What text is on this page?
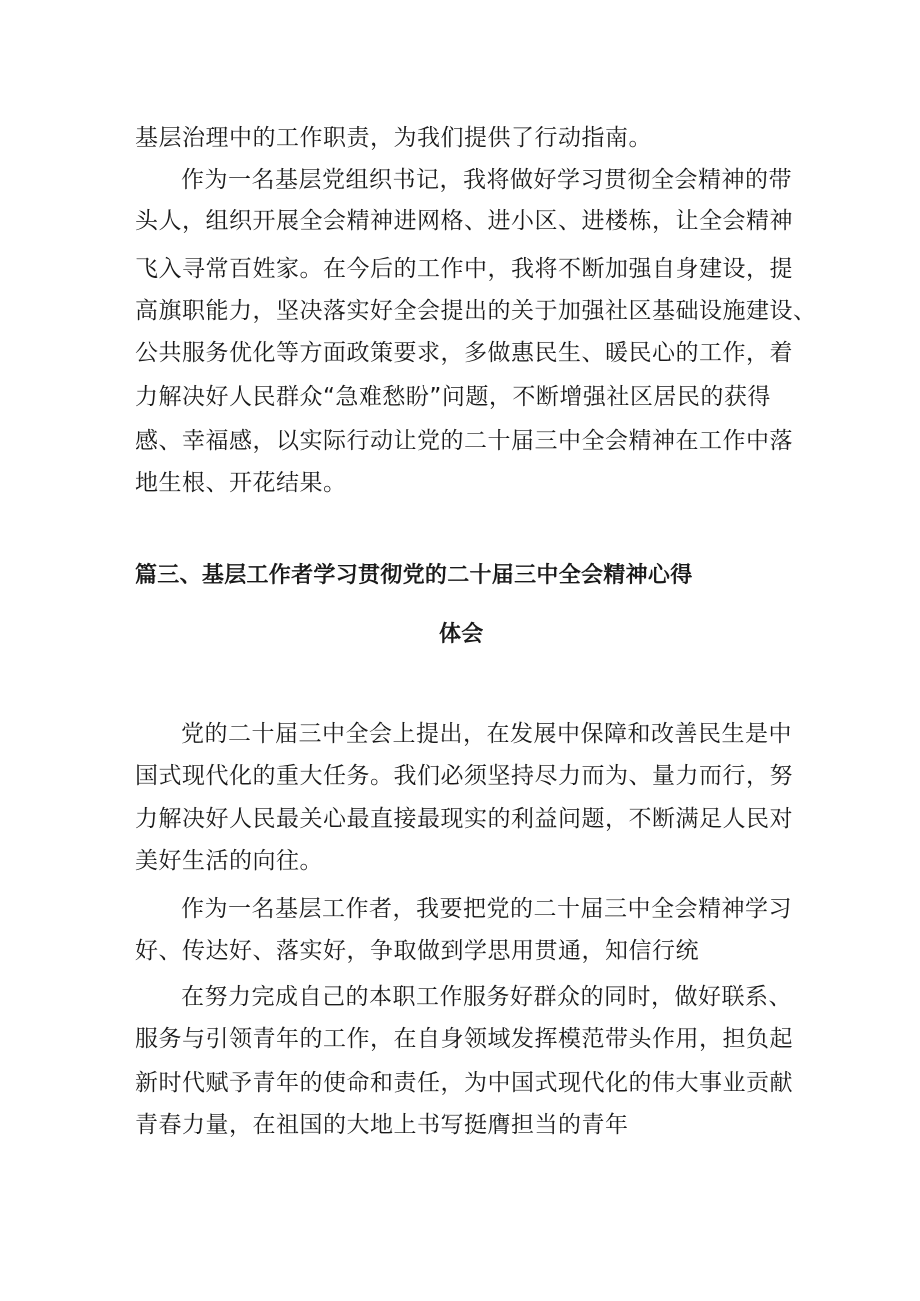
基层治理中的工作职责，为我们提供了行动指南。
作为一名基层党组织书记，我将做好学习贯彻全会精神的带
头人，组织开展全会精神进网格、进小区、进楼栋，让全会精神
飞入寻常百姓家。在今后的工作中，我将不断加强自身建设，提
高旗职能力，坚决落实好全会提出的关于加强社区基础设施建设、
公共服务优化等方面政策要求，多做惠民生、暖民心的工作，着
力解决好人民群众“急难愁盼”问题，不断增强社区居民的获得
感、幸福感，以实际行动让党的二十届三中全会精神在工作中落
地生根、开花结果。
篇三、基层工作者学习贯彻党的二十届三中全会精神心得
体会
党的二十届三中全会上提出，在发展中保障和改善民生是中
国式现代化的重大任务。我们必须坚持尽力而为、量力而行，努
力解决好人民最关心最直接最现实的利益问题，不断满足人民对
美好生活的向往。
作为一名基层工作者，我要把党的二十届三中全会精神学习
好、传达好、落实好，争取做到学思用贯通，知信行统
在努力完成自己的本职工作服务好群众的同时，做好联系、
服务与引领青年的工作，在自身领域发挥模范带头作用，担负起
新时代赋予青年的使命和责任，为中国式现代化的伟大事业贡献
青春力量，在祖国的大地上书写挺膺担当的青年
